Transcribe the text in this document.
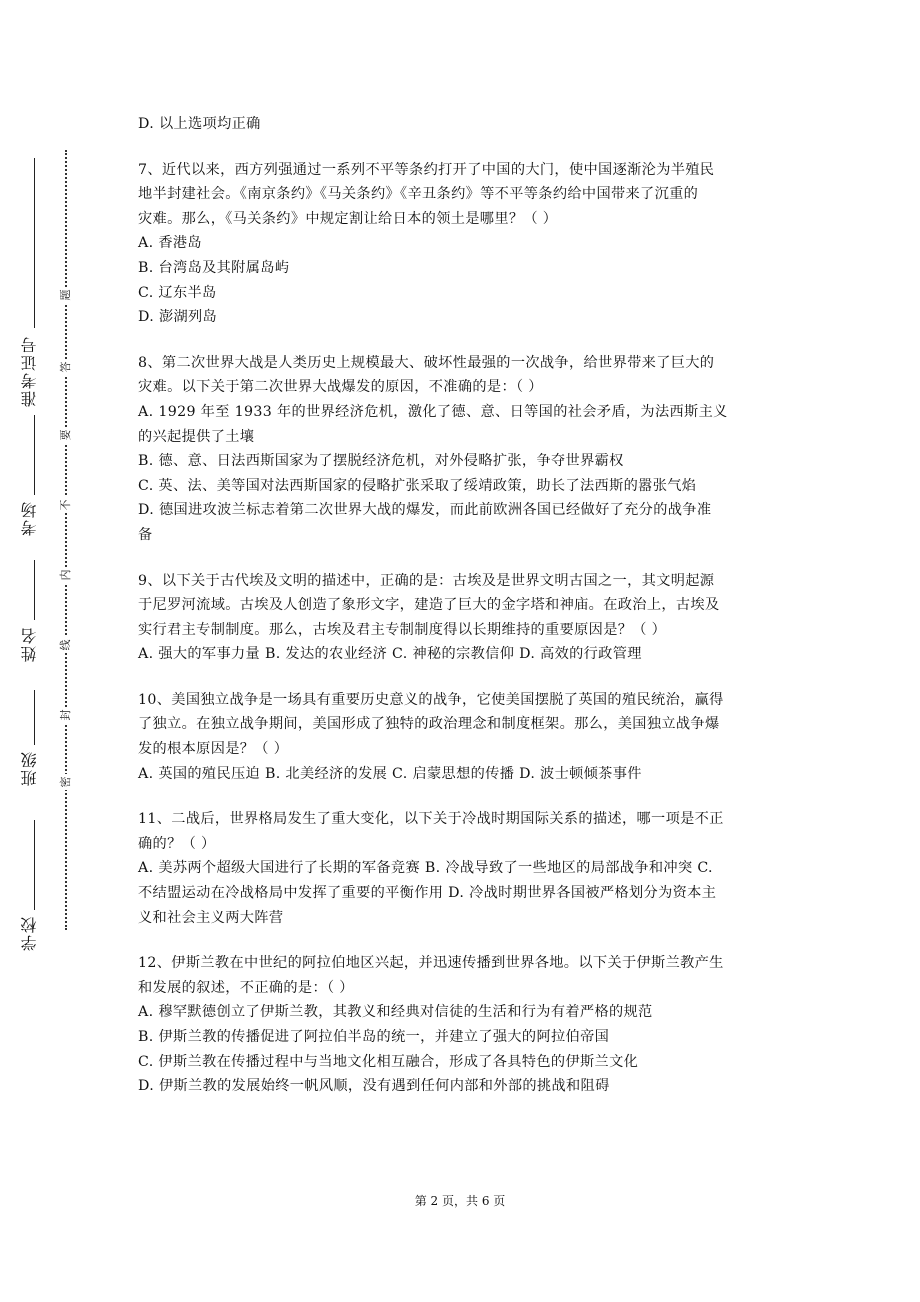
准考证号
考场
姓名
班级
学校
题
答
要
不
内
线
封
密
D. 以上选项均正确
7、近代以来，西方列强通过一系列不平等条约打开了中国的大门，使中国逐渐沦为半殖民
地半封建社会。《南京条约》《马关条约》《辛丑条约》等不平等条约给中国带来了沉重的
灾难。那么，《马关条约》中规定割让给日本的领土是哪里？（ ）
A. 香港岛
B. 台湾岛及其附属岛屿
C. 辽东半岛
D. 澎湖列岛
8、第二次世界大战是人类历史上规模最大、破坏性最强的一次战争，给世界带来了巨大的
灾难。以下关于第二次世界大战爆发的原因，不准确的是：（ ）
A. 1929 年至 1933 年的世界经济危机，激化了德、意、日等国的社会矛盾，为法西斯主义
的兴起提供了土壤
B. 德、意、日法西斯国家为了摆脱经济危机，对外侵略扩张，争夺世界霸权
C. 英、法、美等国对法西斯国家的侵略扩张采取了绥靖政策，助长了法西斯的嚣张气焰
D. 德国进攻波兰标志着第二次世界大战的爆发，而此前欧洲各国已经做好了充分的战争准
备
9、以下关于古代埃及文明的描述中，正确的是：古埃及是世界文明古国之一，其文明起源
于尼罗河流域。古埃及人创造了象形文字，建造了巨大的金字塔和神庙。在政治上，古埃及
实行君主专制制度。那么，古埃及君主专制制度得以长期维持的重要原因是？（ ）
A. 强大的军事力量 B. 发达的农业经济 C. 神秘的宗教信仰 D. 高效的行政管理
10、美国独立战争是一场具有重要历史意义的战争，它使美国摆脱了英国的殖民统治，赢得
了独立。在独立战争期间，美国形成了独特的政治理念和制度框架。那么，美国独立战争爆
发的根本原因是？（ ）
A. 英国的殖民压迫 B. 北美经济的发展 C. 启蒙思想的传播 D. 波士顿倾茶事件
11、二战后，世界格局发生了重大变化，以下关于冷战时期国际关系的描述，哪一项是不正
确的？（ ）
A. 美苏两个超级大国进行了长期的军备竞赛 B. 冷战导致了一些地区的局部战争和冲突 C.
不结盟运动在冷战格局中发挥了重要的平衡作用 D. 冷战时期世界各国被严格划分为资本主
义和社会主义两大阵营
12、伊斯兰教在中世纪的阿拉伯地区兴起，并迅速传播到世界各地。以下关于伊斯兰教产生
和发展的叙述，不正确的是：（ ）
A. 穆罕默德创立了伊斯兰教，其教义和经典对信徒的生活和行为有着严格的规范
B. 伊斯兰教的传播促进了阿拉伯半岛的统一，并建立了强大的阿拉伯帝国
C. 伊斯兰教在传播过程中与当地文化相互融合，形成了各具特色的伊斯兰文化
D. 伊斯兰教的发展始终一帆风顺，没有遇到任何内部和外部的挑战和阻碍
第 2 页，共 6 页
